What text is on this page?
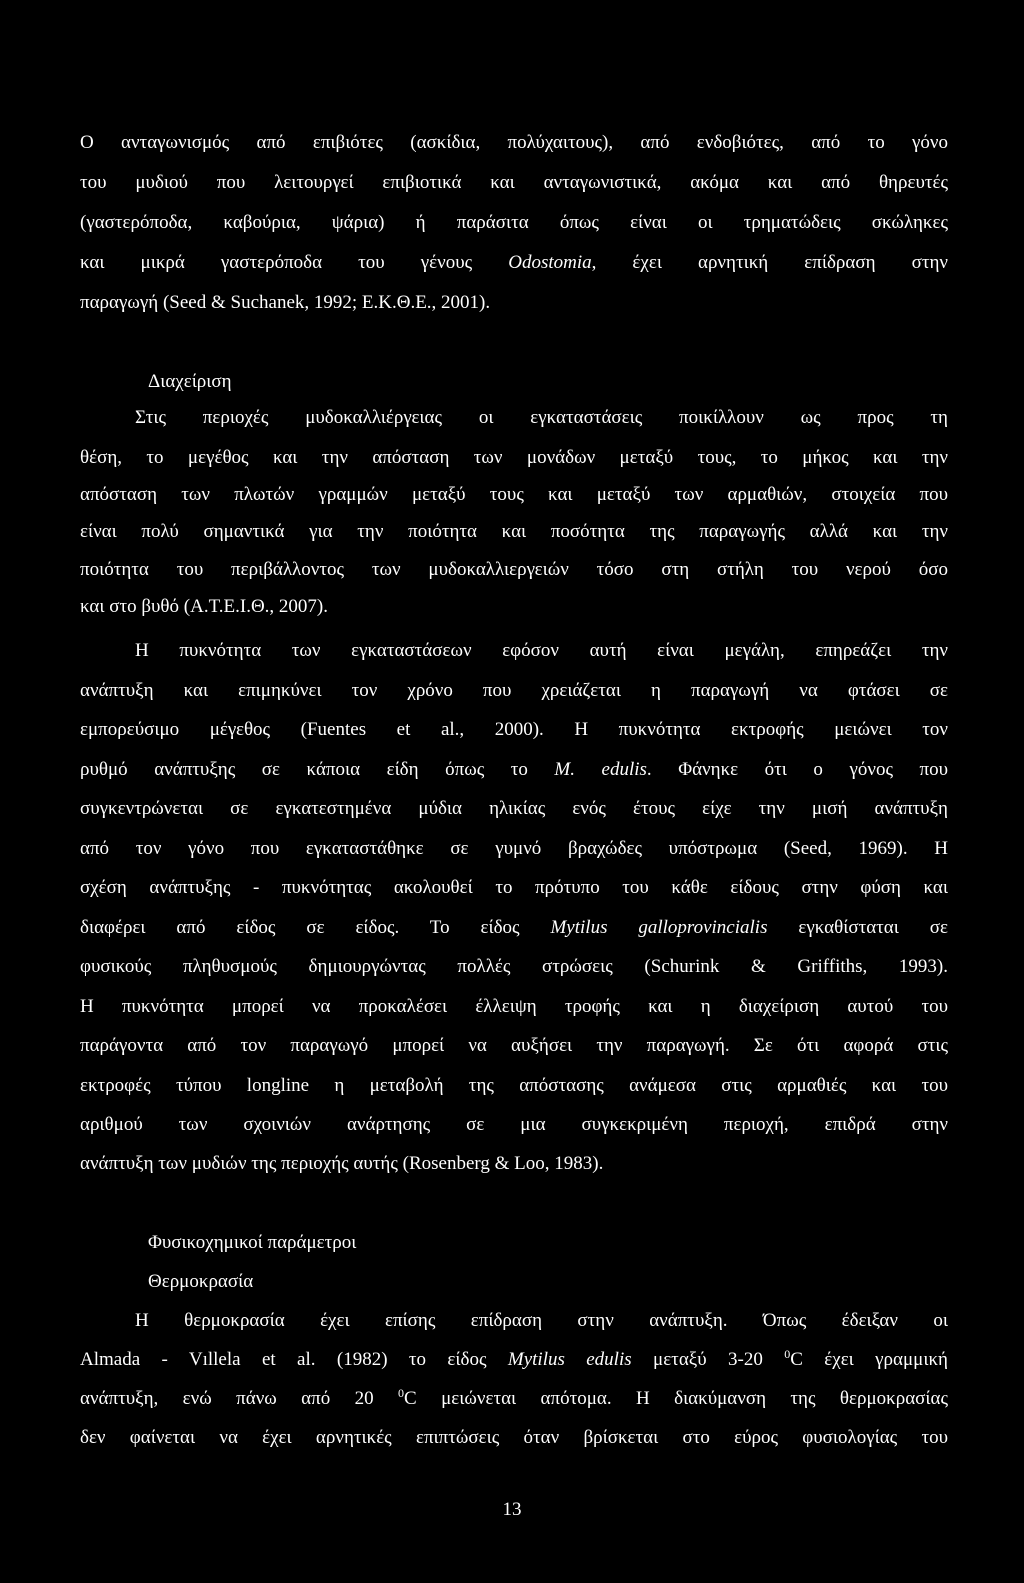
Ο ανταγωνισμός από επιβιότες (ασκίδια, πολύχαιτους), από ενδοβιότες, από το γόνο
του μυδιού που λειτουργεί επιβιοτικά και ανταγωνιστικά, ακόμα και από θηρευτές
(γαστερόποδα, καβούρια, ψάρια) ή παράσιτα όπως είναι οι τρηματώδεις σκώληκες
και μικρά γαστερόποδα του γένους Odostomia, έχει αρνητική επίδραση στην
παραγωγή (Seed & Suchanek, 1992; Ε.Κ.Θ.Ε., 2001).
Διαχείριση
Στις περιοχές μυδοκαλλιέργειας οι εγκαταστάσεις ποικίλλουν ως προς τη
θέση, το μεγέθος και την απόσταση των μονάδων μεταξύ τους, το μήκος και την
απόσταση των πλωτών γραμμών μεταξύ τους και μεταξύ των αρμαθιών, στοιχεία που
είναι πολύ σημαντικά για την ποιότητα και ποσότητα της παραγωγής αλλά και την
ποιότητα του περιβάλλοντος των μυδοκαλλιεργειών τόσο στη στήλη του νερού όσο
και στο βυθό (Α.Τ.Ε.Ι.Θ., 2007).
Η πυκνότητα των εγκαταστάσεων εφόσον αυτή είναι μεγάλη, επηρεάζει την
ανάπτυξη και επιμηκύνει τον χρόνο που χρειάζεται η παραγωγή να φτάσει σε
εμπορεύσιμο μέγεθος (Fuentes et al., 2000). Η πυκνότητα εκτροφής μειώνει τον
ρυθμό ανάπτυξης σε κάποια είδη όπως το M. edulis. Φάνηκε ότι ο γόνος που
συγκεντρώνεται σε εγκατεστημένα μύδια ηλικίας ενός έτους είχε την μισή ανάπτυξη
από τον γόνο που εγκαταστάθηκε σε γυμνό βραχώδες υπόστρωμα (Seed, 1969). Η
σχέση ανάπτυξης - πυκνότητας ακολουθεί το πρότυπο του κάθε είδους στην φύση και
διαφέρει από είδος σε είδος. Το είδος Mytilus galloprovincialis εγκαθίσταται σε
φυσικούς πληθυσμούς δημιουργώντας πολλές στρώσεις (Schurink & Griffiths, 1993).
Η πυκνότητα μπορεί να προκαλέσει έλλειψη τροφής και η διαχείριση αυτού του
παράγοντα από τον παραγωγό μπορεί να αυξήσει την παραγωγή. Σε ότι αφορά στις
εκτροφές τύπου longline η μεταβολή της απόστασης ανάμεσα στις αρμαθιές και του
αριθμού των σχοινιών ανάρτησης σε μια συγκεκριμένη περιοχή, επιδρά στην
ανάπτυξη των μυδιών της περιοχής αυτής (Rosenberg & Loo, 1983).
Φυσικοχημικοί παράμετροι
Θερμοκρασία
Η θερμοκρασία έχει επίσης επίδραση στην ανάπτυξη. Όπως έδειξαν οι
Almada - Vıllela et al. (1982) το είδος Mytilus edulis μεταξύ 3-20 $^0$C έχει γραμμική
ανάπτυξη, ενώ πάνω από 20 $^0$C μειώνεται απότομα. Η διακύμανση της θερμοκρασίας
δεν φαίνεται να έχει αρνητικές επιπτώσεις όταν βρίσκεται στο εύρος φυσιολογίας του
13
